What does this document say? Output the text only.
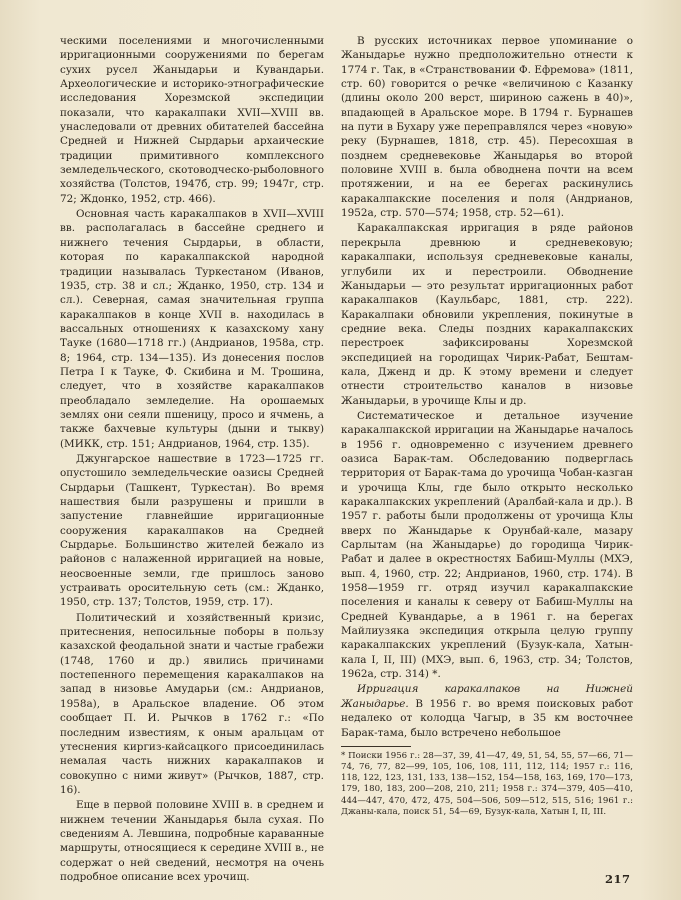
ческими поселениями и многочисленными ирригационными сооружениями по берегам сухих русел Жаныдарьи и Кувандарьи. Археологические и историко-этнографические исследования Хорезмской экспедиции показали, что каракалпаки XVII—XVIII вв. унаследовали от древних обитателей бассейна Средней и Нижней Сырдарьи архаические традиции примитивного комплексного земледельческого, скотоводческо-рыболовного хозяйства (Толстов, 1947б, стр. 99; 1947г, стр. 72; Ждонко, 1952, стр. 466).

Основная часть каракалпаков в XVII—XVIII вв. располагалась в бассейне среднего и нижнего течения Сырдарьи, в области, которая по каракалпакской народной традиции называлась Туркестаном (Иванов, 1935, стр. 38 и сл.; Жданко, 1950, стр. 134 и сл.). Северная, самая значительная группа каракалпаков в конце XVII в. находилась в вассальных отношениях к казахскому хану Тауке (1680—1718 гг.) (Андрианов, 1958а, стр. 8; 1964, стр. 134—135). Из донесения послов Петра I к Тауке, Ф. Скибина и М. Трошина, следует, что в хозяйстве каракалпаков преобладало земледелие. На орошаемых землях они сеяли пшеницу, просо и ячмень, а также бахчевые культуры (дыни и тыкву) (МИКК, стр. 151; Андрианов, 1964, стр. 135).

Джунгарское нашествие в 1723—1725 гг. опустошило земледельческие оазисы Средней Сырдарьи (Ташкент, Туркестан). Во время нашествия были разрушены и пришли в запустение главнейшие ирригационные сооружения каракалпаков на Средней Сырдарье. Большинство жителей бежало из районов с налаженной ирригацией на новые, неосвоенные земли, где пришлось заново устраивать оросительную сеть (см.: Жданко, 1950, стр. 137; Толстов, 1959, стр. 17).

Политический и хозяйственный кризис, притеснения, непосильные поборы в пользу казахской феодальной знати и частые грабежи (1748, 1760 и др.) явились причинами постепенного перемещения каракалпаков на запад в низовье Амударьи (см.: Андрианов, 1958а), в Аральское владение. Об этом сообщает П. И. Рычков в 1762 г.: «По последним известиям, к оным аральцам от утеснения киргиз-кайсацкого присоединилась немалая часть нижних каракалпаков и совокупно с ними живут» (Рычков, 1887, стр. 16).

Еще в первой половине XVIII в. в среднем и нижнем течении Жаныдарья была сухая. По сведениям А. Левшина, подробные караванные маршруты, относящиеся к середине XVIII в., не содержат о ней сведений, несмотря на очень подробное описание всех урочищ.

В русских источниках первое упоминание о Жаныдарье нужно предположительно отнести к 1774 г. Так, в «Странствовании Ф. Ефремова» (1811, стр. 60) говорится о речке «величиною с Казанку (длины около 200 верст, шириною сажень в 40)», впадающей в Аральское море. В 1794 г. Бурнашев на пути в Бухару уже переправлялся через «новую» реку (Бурнашев, 1818, стр. 45). Пересохшая в позднем средневековье Жаныдарья во второй половине XVIII в. была обводнена почти на всем протяжении, и на ее берегах раскинулись каракалпакские поселения и поля (Андрианов, 1952а, стр. 570—574; 1958, стр. 52—61).

Каракалпакская ирригация в ряде районов перекрыла древнюю и средневековую; каракалпаки, используя средневековые каналы, углубили их и перестроили. Обводнение Жаныдарьи — это результат ирригационных работ каракалпаков (Каульбарс, 1881, стр. 222). Каракалпаки обновили укрепления, покинутые в средние века. Следы поздних каракалпакских перестроек зафиксированы Хорезмской экспедицией на городищах Чирик-Рабат, Бештам-кала, Дженд и др. К этому времени и следует отнести строительство каналов в низовье Жаныдарьи, в урочище Клы и др.

Систематическое и детальное изучение каракалпакской ирригации на Жаныдарье началось в 1956 г. одновременно с изучением древнего оазиса Барак-там. Обследованию подверглась территория от Барак-тама до урочища Чобан-казган и урочища Клы, где было открыто несколько каракалпакских укреплений (Аралбай-кала и др.). В 1957 г. работы были продолжены от урочища Клы вверх по Жаныдарье к Орунбай-кале, мазару Сарлытам (на Жаныдарье) до городища Чирик-Рабат и далее в окрестностях Бабиш-Муллы (МХЭ, вып. 4, 1960, стр. 22; Андрианов, 1960, стр. 174). В 1958—1959 гг. отряд изучил каракалпакские поселения и каналы к северу от Бабиш-Муллы на Средней Кувандарье, а в 1961 г. на берегах Майлиузяка экспедиция открыла целую группу каракалпакских укреплений (Бузук-кала, Хатын-кала I, II, III) (МХЭ, вып. 6, 1963, стр. 34; Толстов, 1962а, стр. 314) *.

Ирригация каракалпаков на Нижней Жаныдарье. В 1956 г. во время поисковых работ недалеко от колодца Чагыр, в 35 км восточнее Барак-тама, было встречено небольшое

* Поиски 1956 г.: 28—37, 39, 41—47, 49, 51, 54, 55, 57—66, 71—74, 76, 77, 82—99, 105, 106, 108, 111, 112, 114; 1957 г.: 116, 118, 122, 123, 131, 133, 138—152, 154—158, 163, 169, 170—173, 179, 180, 183, 200—208, 210, 211; 1958 г.: 374—379, 405—410, 444—447, 470, 472, 475, 504—506, 509—512, 515, 516; 1961 г.: Джаны-кала, поиск 51, 54—69, Бузук-кала, Хатын I, II, III.

217
